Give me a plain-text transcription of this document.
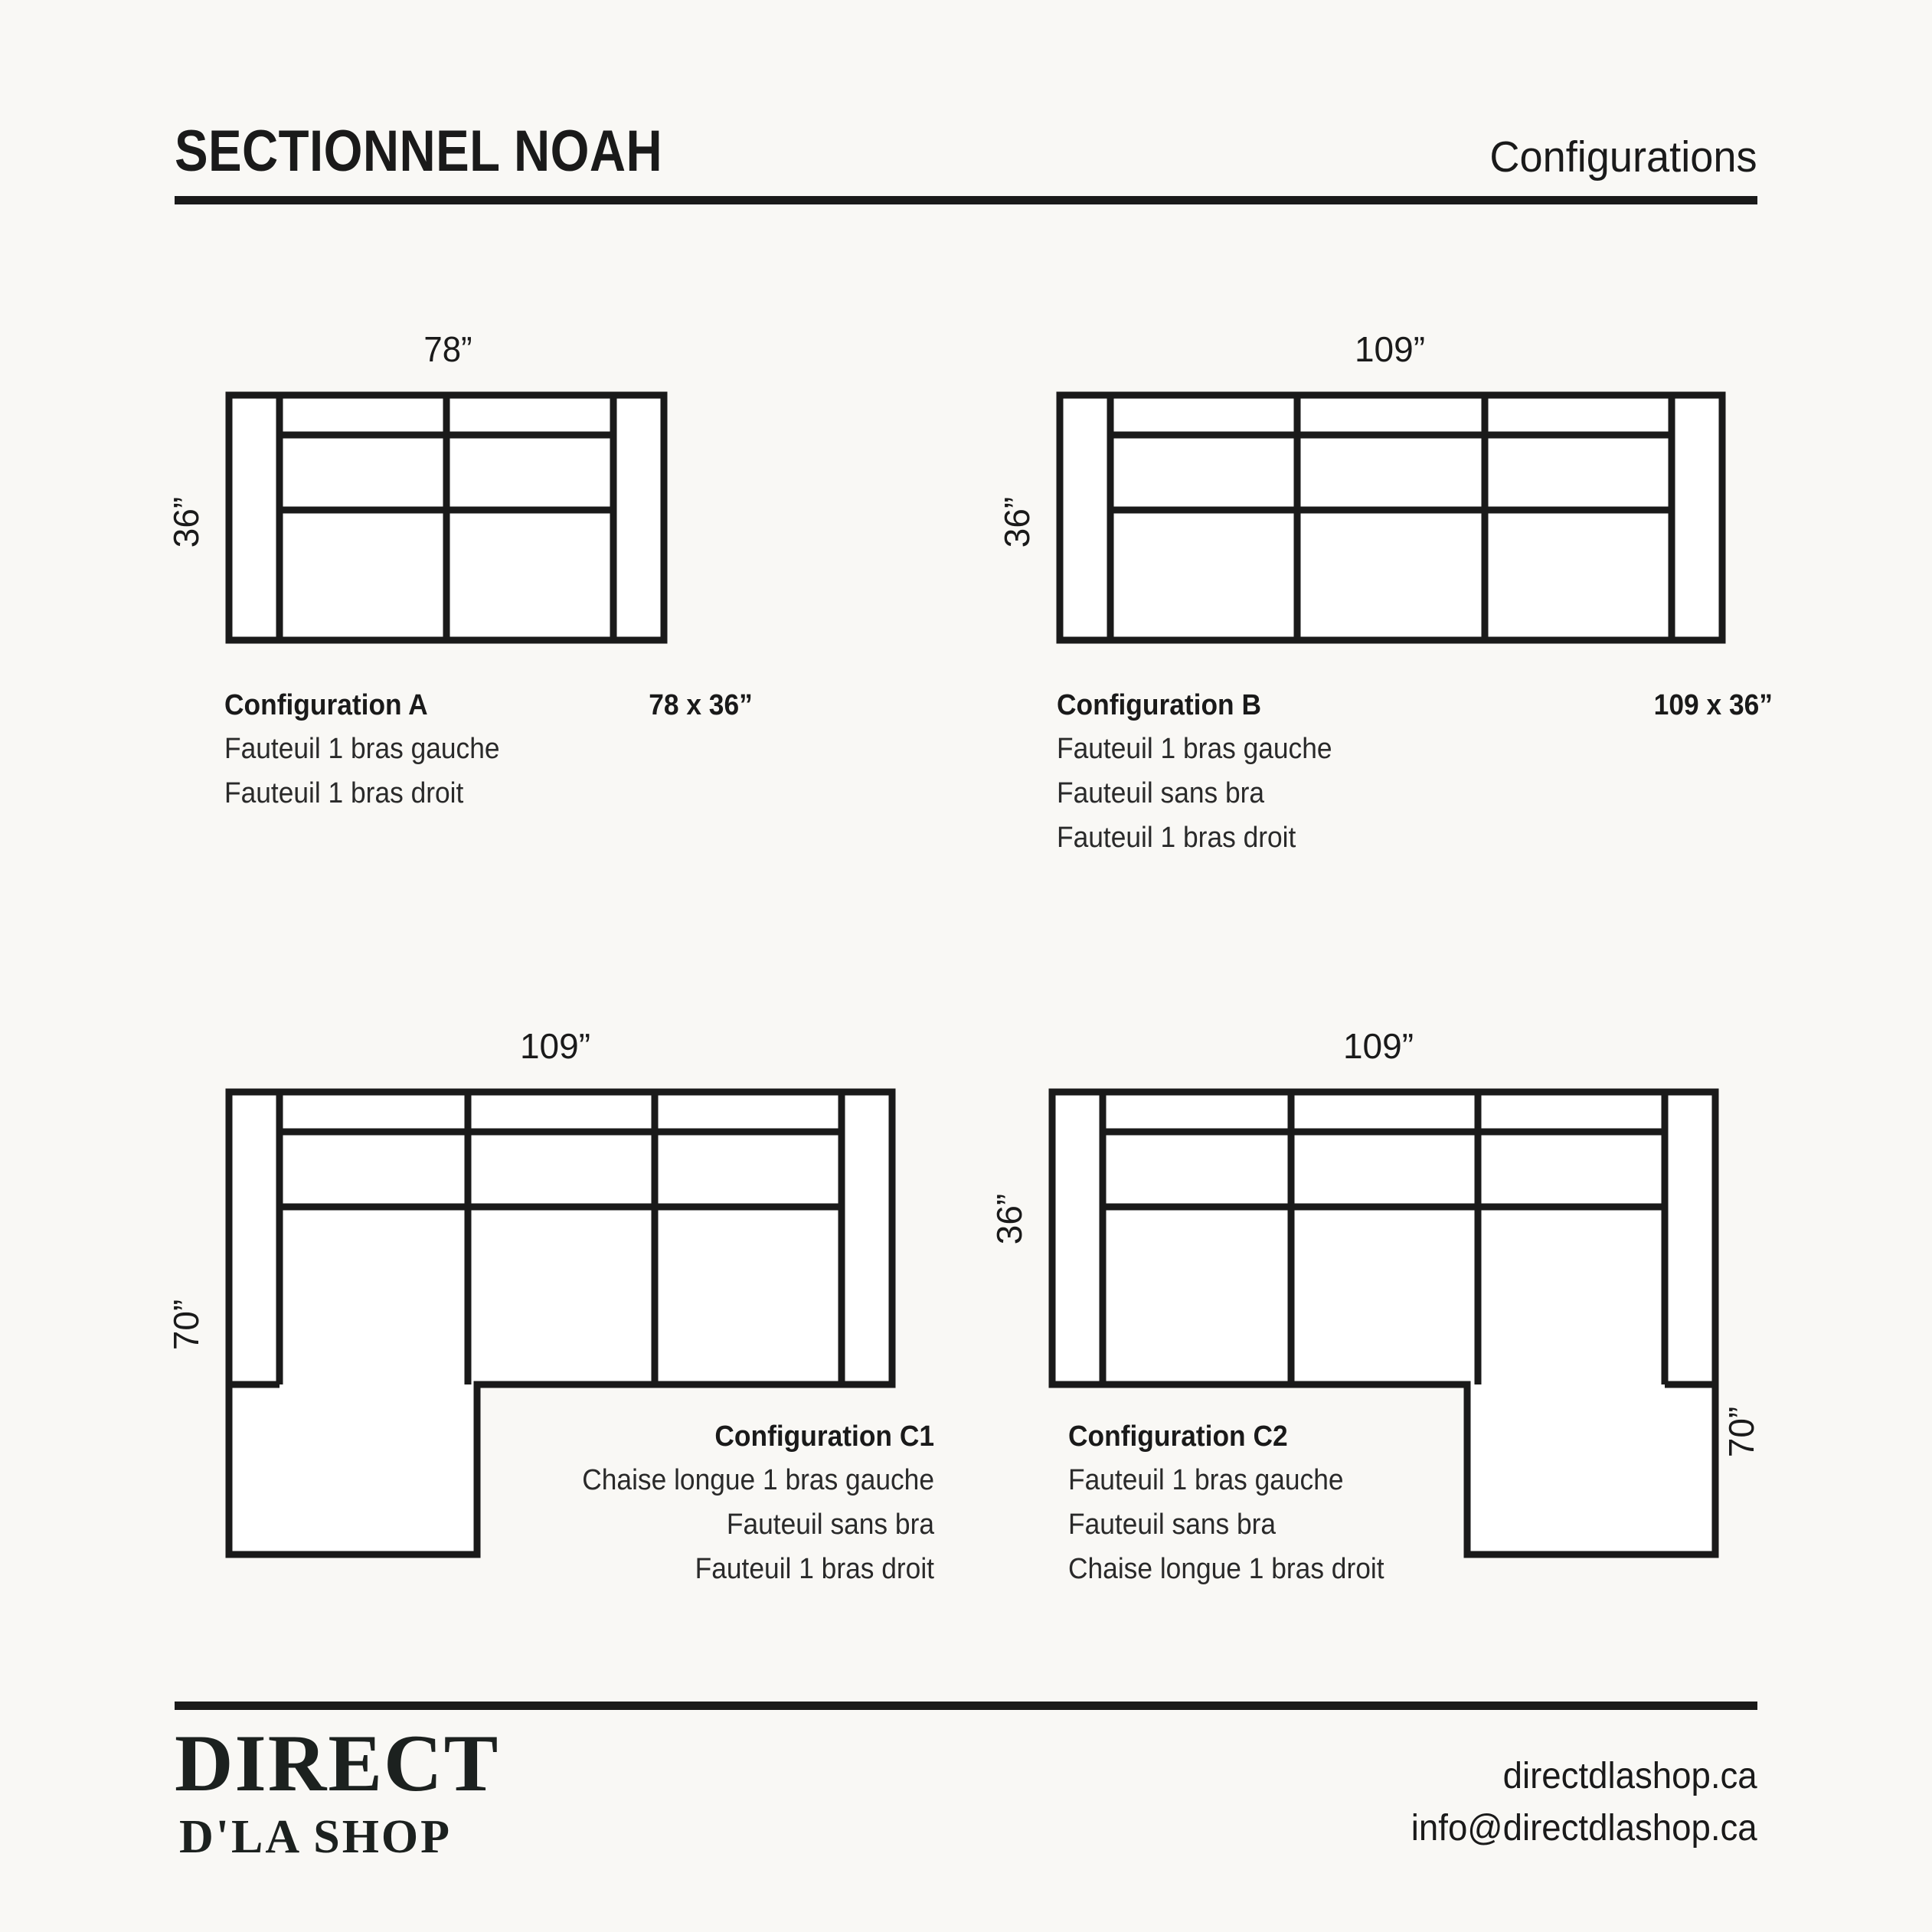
SECTIONNEL NOAH	Configurations
78”
36”
109”
36”
109”
70”
109”
36”
70”
Configuration A	78 x 36”
Fauteuil 1 bras gauche
Fauteuil 1 bras droit
Configuration B	109 x 36”
Fauteuil 1 bras gauche
Fauteuil sans bra
Fauteuil 1 bras droit
Configuration C1
Chaise longue 1 bras gauche
Fauteuil sans bra
Fauteuil 1 bras droit
Configuration C2
Fauteuil 1 bras gauche
Fauteuil sans bra
Chaise longue 1 bras droit
DIRECT
D'LA SHOP
directdlashop.ca
info@directdlashop.ca
